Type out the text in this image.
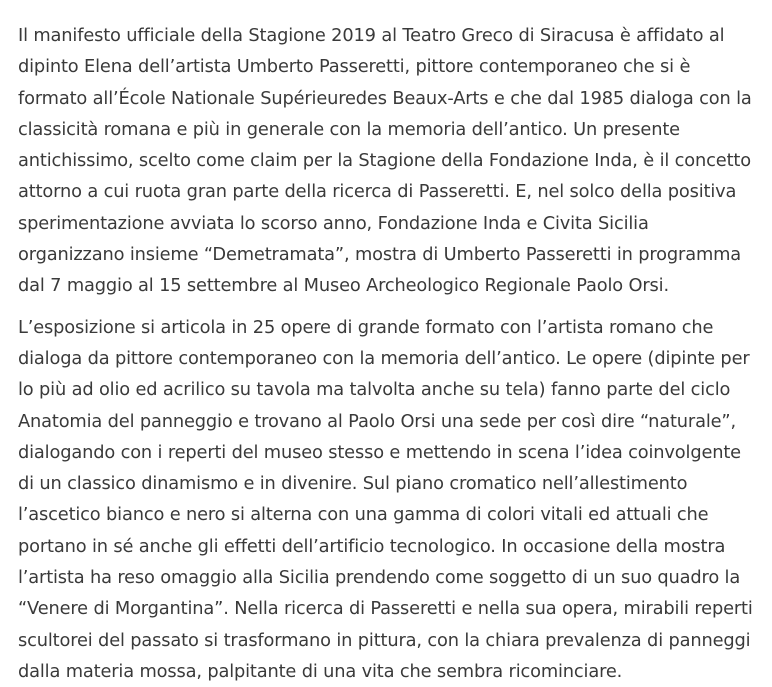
Il manifesto ufficiale della Stagione 2019 al Teatro Greco di Siracusa è affidato al dipinto Elena dell’artista Umberto Passeretti, pittore contemporaneo che si è formato all’École Nationale Supérieuredes Beaux-Arts e che dal 1985 dialoga con la classicità romana e più in generale con la memoria dell’antico. Un presente antichissimo, scelto come claim per la Stagione della Fondazione Inda, è il concetto attorno a cui ruota gran parte della ricerca di Passeretti. E, nel solco della positiva sperimentazione avviata lo scorso anno, Fondazione Inda e Civita Sicilia organizzano insieme “Demetramata”, mostra di Umberto Passeretti in programma dal 7 maggio al 15 settembre al Museo Archeologico Regionale Paolo Orsi.

L’esposizione si articola in 25 opere di grande formato con l’artista romano che dialoga da pittore contemporaneo con la memoria dell’antico. Le opere (dipinte per lo più ad olio ed acrilico su tavola ma talvolta anche su tela) fanno parte del ciclo Anatomia del panneggio e trovano al Paolo Orsi una sede per così dire “naturale”, dialogando con i reperti del museo stesso e mettendo in scena l’idea coinvolgente di un classico dinamismo e in divenire. Sul piano cromatico nell’allestimento l’ascetico bianco e nero si alterna con una gamma di colori vitali ed attuali che portano in sé anche gli effetti dell’artificio tecnologico. In occasione della mostra l’artista ha reso omaggio alla Sicilia prendendo come soggetto di un suo quadro la “Venere di Morgantina”. Nella ricerca di Passeretti e nella sua opera, mirabili reperti scultorei del passato si trasformano in pittura, con la chiara prevalenza di panneggi dalla materia mossa, palpitante di una vita che sembra ricominciare.
